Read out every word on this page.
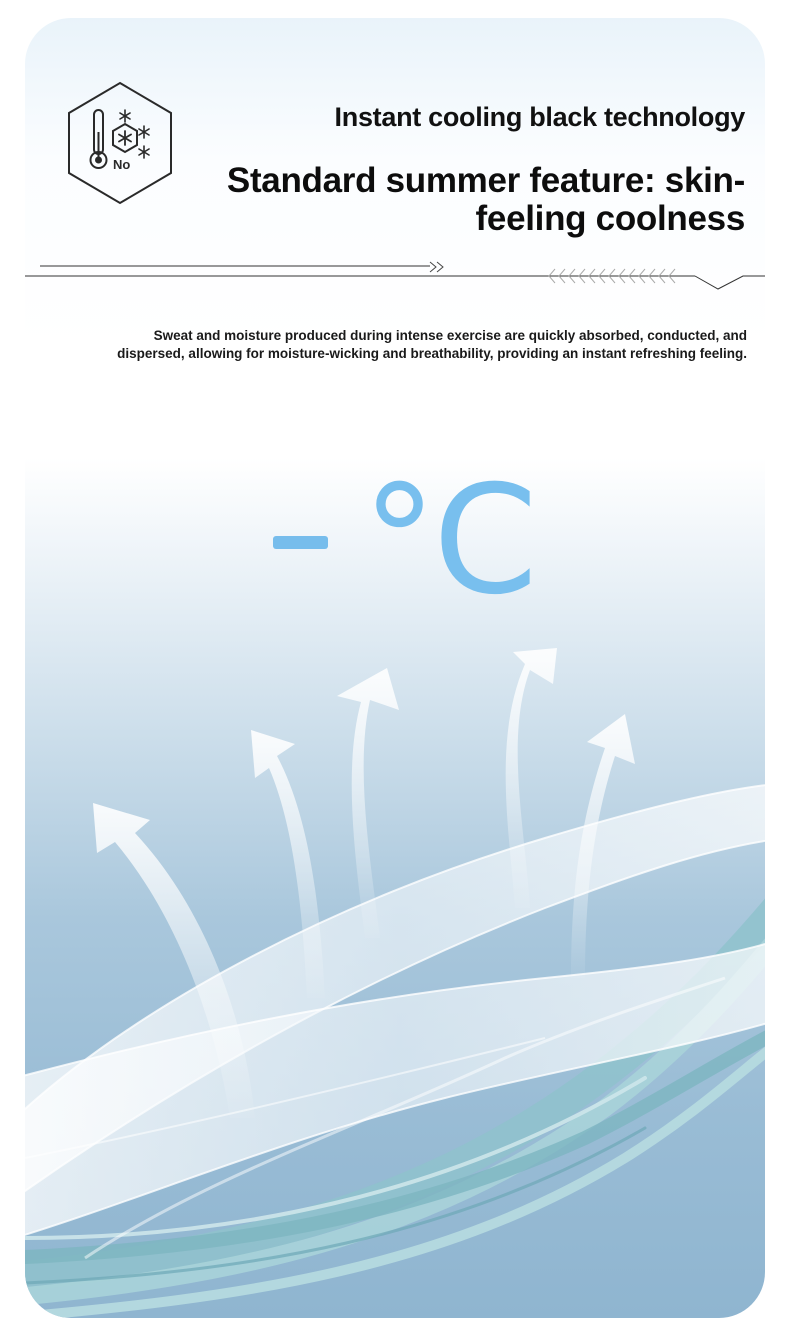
No

Instant cooling black technology

Standard summer feature: skin-feeling coolness

Sweat and moisture produced during intense exercise are quickly absorbed, conducted, and dispersed, allowing for moisture-wicking and breathability, providing an instant refreshing feeling.

°C
